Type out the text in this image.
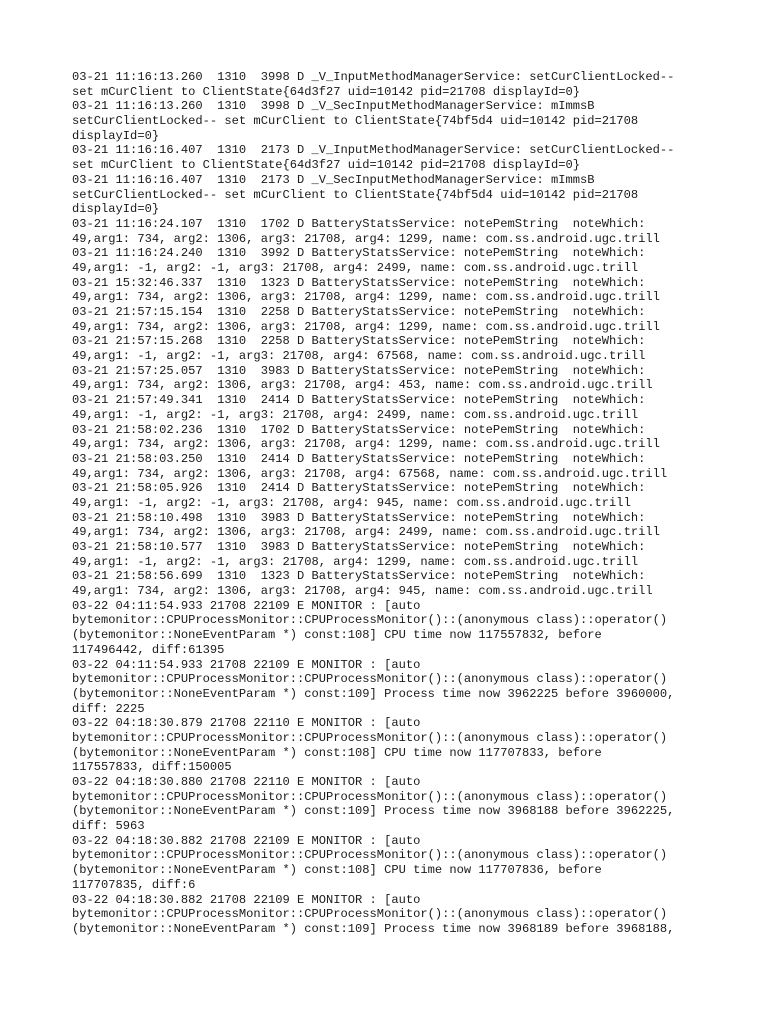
03-21 11:16:13.260  1310  3998 D _V_InputMethodManagerService: setCurClientLocked--
set mCurClient to ClientState{64d3f27 uid=10142 pid=21708 displayId=0}
03-21 11:16:13.260  1310  3998 D _V_SecInputMethodManagerService: mImmsB
setCurClientLocked-- set mCurClient to ClientState{74bf5d4 uid=10142 pid=21708
displayId=0}
03-21 11:16:16.407  1310  2173 D _V_InputMethodManagerService: setCurClientLocked--
set mCurClient to ClientState{64d3f27 uid=10142 pid=21708 displayId=0}
03-21 11:16:16.407  1310  2173 D _V_SecInputMethodManagerService: mImmsB
setCurClientLocked-- set mCurClient to ClientState{74bf5d4 uid=10142 pid=21708
displayId=0}
03-21 11:16:24.107  1310  1702 D BatteryStatsService: notePemString  noteWhich:
49,arg1: 734, arg2: 1306, arg3: 21708, arg4: 1299, name: com.ss.android.ugc.trill
03-21 11:16:24.240  1310  3992 D BatteryStatsService: notePemString  noteWhich:
49,arg1: -1, arg2: -1, arg3: 21708, arg4: 2499, name: com.ss.android.ugc.trill
03-21 15:32:46.337  1310  1323 D BatteryStatsService: notePemString  noteWhich:
49,arg1: 734, arg2: 1306, arg3: 21708, arg4: 1299, name: com.ss.android.ugc.trill
03-21 21:57:15.154  1310  2258 D BatteryStatsService: notePemString  noteWhich:
49,arg1: 734, arg2: 1306, arg3: 21708, arg4: 1299, name: com.ss.android.ugc.trill
03-21 21:57:15.268  1310  2258 D BatteryStatsService: notePemString  noteWhich:
49,arg1: -1, arg2: -1, arg3: 21708, arg4: 67568, name: com.ss.android.ugc.trill
03-21 21:57:25.057  1310  3983 D BatteryStatsService: notePemString  noteWhich:
49,arg1: 734, arg2: 1306, arg3: 21708, arg4: 453, name: com.ss.android.ugc.trill
03-21 21:57:49.341  1310  2414 D BatteryStatsService: notePemString  noteWhich:
49,arg1: -1, arg2: -1, arg3: 21708, arg4: 2499, name: com.ss.android.ugc.trill
03-21 21:58:02.236  1310  1702 D BatteryStatsService: notePemString  noteWhich:
49,arg1: 734, arg2: 1306, arg3: 21708, arg4: 1299, name: com.ss.android.ugc.trill
03-21 21:58:03.250  1310  2414 D BatteryStatsService: notePemString  noteWhich:
49,arg1: 734, arg2: 1306, arg3: 21708, arg4: 67568, name: com.ss.android.ugc.trill
03-21 21:58:05.926  1310  2414 D BatteryStatsService: notePemString  noteWhich:
49,arg1: -1, arg2: -1, arg3: 21708, arg4: 945, name: com.ss.android.ugc.trill
03-21 21:58:10.498  1310  3983 D BatteryStatsService: notePemString  noteWhich:
49,arg1: 734, arg2: 1306, arg3: 21708, arg4: 2499, name: com.ss.android.ugc.trill
03-21 21:58:10.577  1310  3983 D BatteryStatsService: notePemString  noteWhich:
49,arg1: -1, arg2: -1, arg3: 21708, arg4: 1299, name: com.ss.android.ugc.trill
03-21 21:58:56.699  1310  1323 D BatteryStatsService: notePemString  noteWhich:
49,arg1: 734, arg2: 1306, arg3: 21708, arg4: 945, name: com.ss.android.ugc.trill
03-22 04:11:54.933 21708 22109 E MONITOR : [auto
bytemonitor::CPUProcessMonitor::CPUProcessMonitor()::(anonymous class)::operator()
(bytemonitor::NoneEventParam *) const:108] CPU time now 117557832, before
117496442, diff:61395
03-22 04:11:54.933 21708 22109 E MONITOR : [auto
bytemonitor::CPUProcessMonitor::CPUProcessMonitor()::(anonymous class)::operator()
(bytemonitor::NoneEventParam *) const:109] Process time now 3962225 before 3960000,
diff: 2225
03-22 04:18:30.879 21708 22110 E MONITOR : [auto
bytemonitor::CPUProcessMonitor::CPUProcessMonitor()::(anonymous class)::operator()
(bytemonitor::NoneEventParam *) const:108] CPU time now 117707833, before
117557833, diff:150005
03-22 04:18:30.880 21708 22110 E MONITOR : [auto
bytemonitor::CPUProcessMonitor::CPUProcessMonitor()::(anonymous class)::operator()
(bytemonitor::NoneEventParam *) const:109] Process time now 3968188 before 3962225,
diff: 5963
03-22 04:18:30.882 21708 22109 E MONITOR : [auto
bytemonitor::CPUProcessMonitor::CPUProcessMonitor()::(anonymous class)::operator()
(bytemonitor::NoneEventParam *) const:108] CPU time now 117707836, before
117707835, diff:6
03-22 04:18:30.882 21708 22109 E MONITOR : [auto
bytemonitor::CPUProcessMonitor::CPUProcessMonitor()::(anonymous class)::operator()
(bytemonitor::NoneEventParam *) const:109] Process time now 3968189 before 3968188,
